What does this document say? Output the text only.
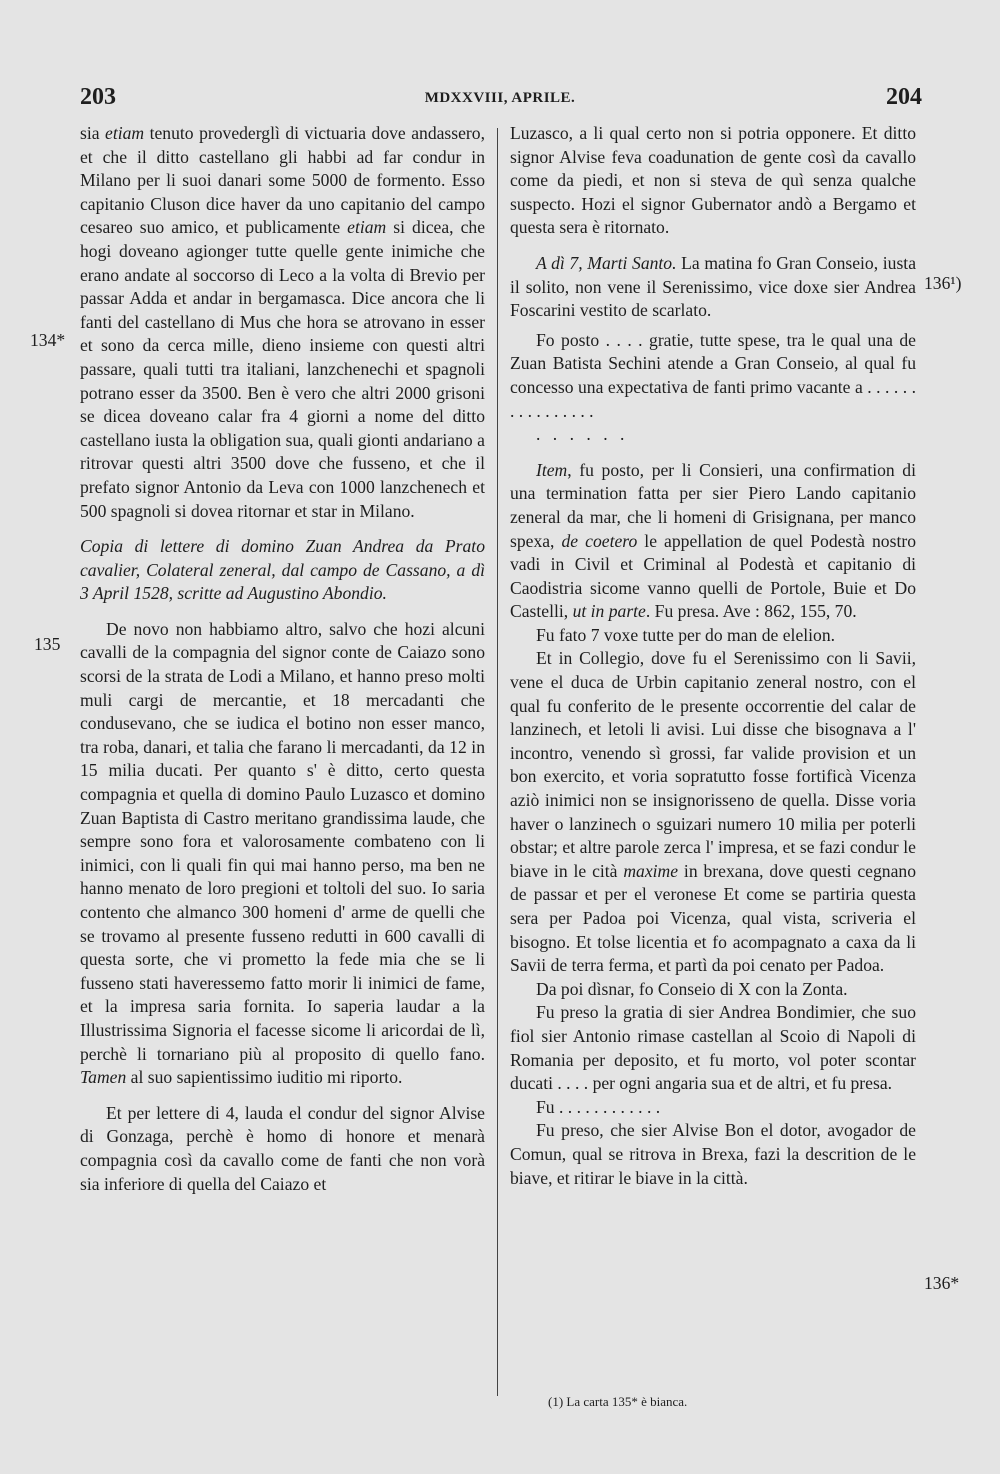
203	MDXXVIII, APRILE.	204

sia etiam tenuto provederglì di victuaria dove andassero, et che il ditto castellano gli habbi ad far condur in Milano per li suoi danari some 5000 de formento. Esso capitanio Cluson dice haver da uno capitanio del campo cesareo suo amico, et publicamente etiam si dicea, che hogi doveano agionger tutte quelle gente inimiche che erano andate al soccorso di Leco a la volta di Brevio per passar Adda et andar in bergamasca. Dice ancora che li fanti del castellano di Mus che hora se atrovano in esser et sono da cerca mille, dieno insieme con questi altri passare, quali tutti tra italiani, lanzchenechi et spagnoli potrano esser da 3500. Ben è vero che altri 2000 grisoni se dicea doveano calar fra 4 giorni a nome del ditto castellano iusta la obligation sua, quali gionti andariano a ritrovar questi altri 3500 dove che fusseno, et che il prefato signor Antonio da Leva con 1000 lanzchenech et 500 spagnoli si dovea ritornar et star in Milano.

Copia di lettere di domino Zuan Andrea da Prato cavalier, Colateral zeneral, dal campo de Cassano, a dì 3 April 1528, scritte ad Augustino Abondio.

De novo non habbiamo altro, salvo che hozi alcuni cavalli de la compagnia del signor conte de Caiazo sono scorsi de la strata de Lodi a Milano, et hanno preso molti muli cargi de mercantie, et 18 mercadanti che condusevano, che se iudica el botino non esser manco, tra roba, danari, et talia che farano li mercadanti, da 12 in 15 milia ducati. Per quanto s' è ditto, certo questa compagnia et quella di domino Paulo Luzasco et domino Zuan Baptista di Castro meritano grandissima laude, che sempre sono fora et valorosamente combateno con li inimici, con li quali fin qui mai hanno perso, ma ben ne hanno menato de loro pregioni et toltoli del suo. Io saria contento che almanco 300 homeni d' arme de quelli che se trovamo al presente fusseno redutti in 600 cavalli di questa sorte, che vi prometto la fede mia che se li fusseno stati haveressemo fatto morir li inimici de fame, et la impresa saria fornita. Io saperia laudar a la Illustrissima Signoria el facesse sicome li aricordai de lì, perchè li tornariano più al proposito di quello fano. Tamen al suo sapientissimo iuditio mi riporto.

Et per lettere di 4, lauda el condur del signor Alvise di Gonzaga, perchè è homo di honore et menarà compagnia così da cavallo come de fanti che non vorà sia inferiore di quella del Caiazo et

Luzasco, a li qual certo non si potria opponere. Et ditto signor Alvise feva coadunation de gente così da cavallo come da piedi, et non si steva de quì senza qualche suspecto. Hozi el signor Gubernator andò a Bergamo et questa sera è ritornato.

A dì 7, Marti Santo. La matina fo Gran Conseio, iusta il solito, non vene il Serenissimo, vice doxe sier Andrea Foscarini vestito de scarlato.

Fo posto . . . . gratie, tutte spese, tra le qual una de Zuan Batista Sechini atende a Gran Conseio, al qual fu concesso una expectativa de fanti primo vacante a . . . . . . . . . . . . . . . .

. . . . . .

Item, fu posto, per li Consieri, una confirmation di una termination fatta per sier Piero Lando capitanio zeneral da mar, che li homeni di Grisignana, per manco spexa, de coetero le appellation de quel Podestà nostro vadi in Civil et Criminal al Podestà et capitanio di Caodistria sicome vanno quelli de Portole, Buie et Do Castelli, ut in parte. Fu presa. Ave : 862, 155, 70.

Fu fato 7 voxe tutte per do man de elelion.

Et in Collegio, dove fu el Serenissimo con li Savii, vene el duca de Urbin capitanio zeneral nostro, con el qual fu conferito de le presente occorrentie del calar de lanzinech, et letoli li avisi. Lui disse che bisognava a l' incontro, venendo sì grossi, far valide provision et un bon exercito, et voria sopratutto fosse fortificà Vicenza aziò inimici non se insignorisseno de quella. Disse voria haver o lanzinech o sguizari numero 10 milia per poterli obstar; et altre parole zerca l' impresa, et se fazi condur le biave in le cità maxime in brexana, dove questi cegnano de passar et per el veronese Et come se partiria questa sera per Padoa poi Vicenza, qual vista, scriveria el bisogno. Et tolse licentia et fo acompagnato a caxa da li Savii de terra ferma, et partì da poi cenato per Padoa.

Da poi dìsnar, fo Conseio di X con la Zonta.

Fu preso la gratia di sier Andrea Bondimier, che suo fiol sier Antonio rimase castellan al Scoio di Napoli di Romania per deposito, et fu morto, vol poter scontar ducati . . . . per ogni angaria sua et de altri, et fu presa.

Fu . . . . . . . . . . . .

Fu preso, che sier Alvise Bon el dotor, avogador de Comun, qual se ritrova in Brexa, fazi la descrition de le biave, et ritirar le biave in la città.

134*
135
136¹)
136*
(1) La carta 135* è bianca.
